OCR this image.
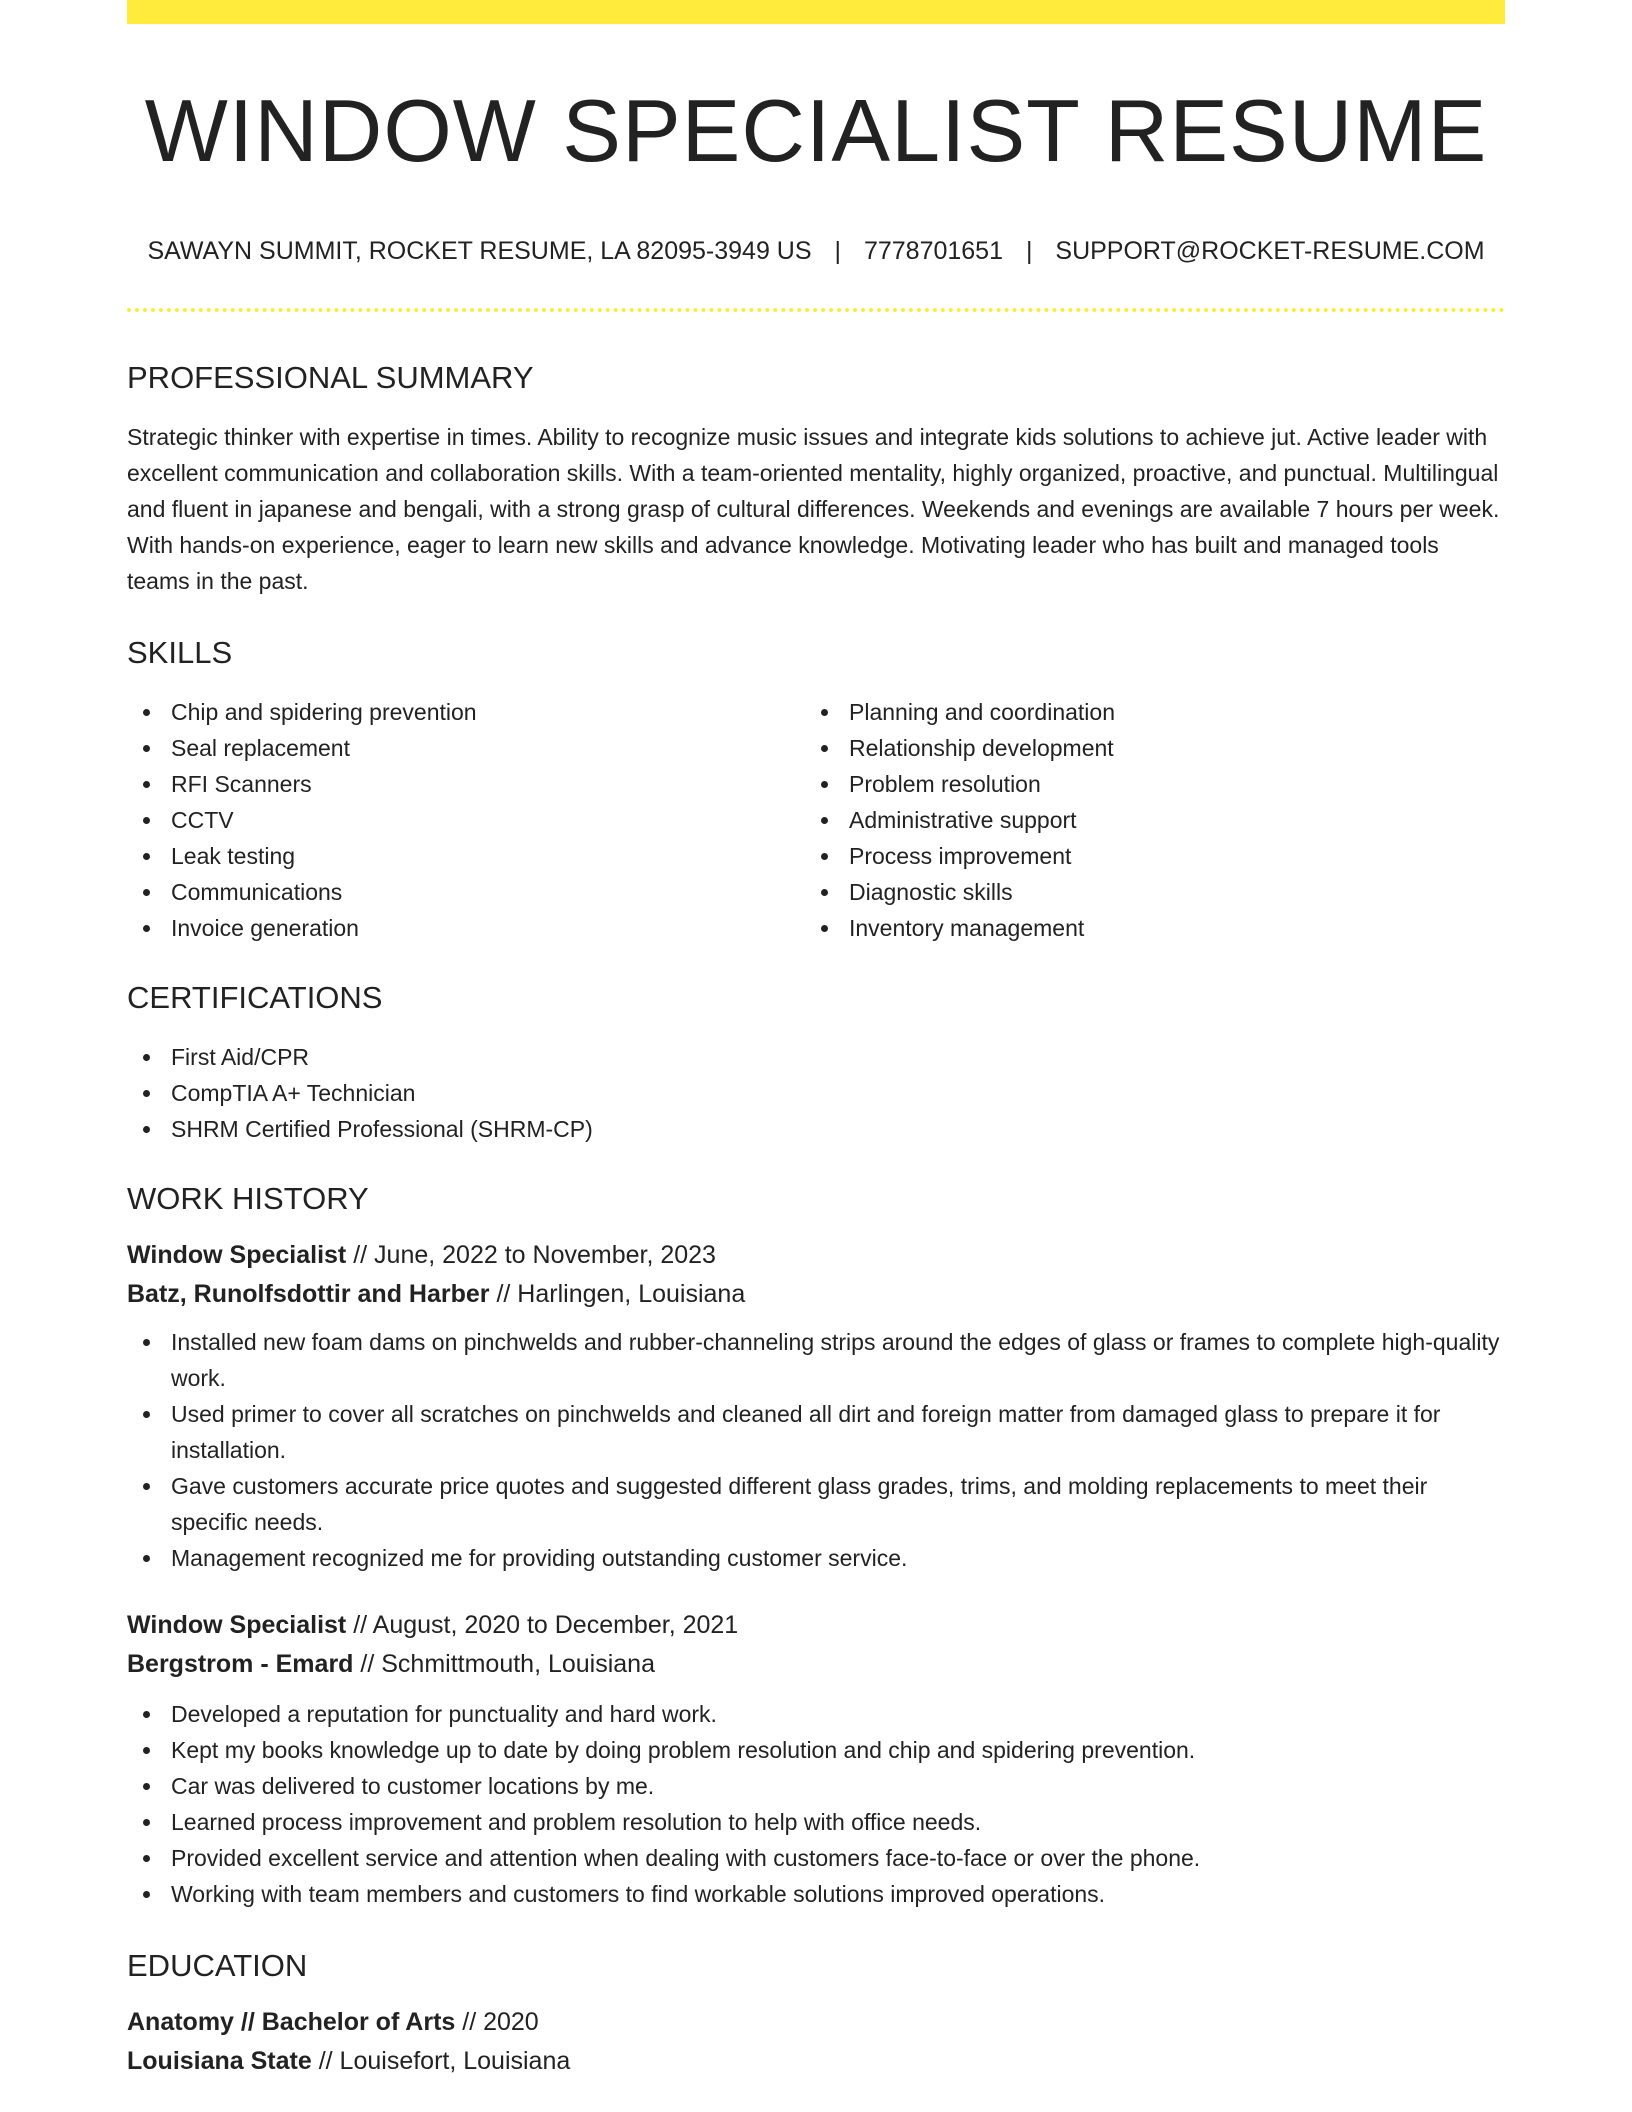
WINDOW SPECIALIST RESUME
SAWAYN SUMMIT, ROCKET RESUME, LA 82095-3949 US | 7778701651 | SUPPORT@ROCKET-RESUME.COM
PROFESSIONAL SUMMARY

Strategic thinker with expertise in times. Ability to recognize music issues and integrate kids solutions to achieve jut. Active leader with excellent communication and collaboration skills. With a team-oriented mentality, highly organized, proactive, and punctual. Multilingual and fluent in japanese and bengali, with a strong grasp of cultural differences. Weekends and evenings are available 7 hours per week. With hands-on experience, eager to learn new skills and advance knowledge. Motivating leader who has built and managed tools teams in the past.

SKILLS
Chip and spidering prevention
Seal replacement
RFI Scanners
CCTV
Leak testing
Communications
Invoice generation
Planning and coordination
Relationship development
Problem resolution
Administrative support
Process improvement
Diagnostic skills
Inventory management
CERTIFICATIONS
First Aid/CPR
CompTIA A+ Technician
SHRM Certified Professional (SHRM-CP)
WORK HISTORY
Window Specialist // June, 2022 to November, 2023
Batz, Runolfsdottir and Harber // Harlingen, Louisiana
Installed new foam dams on pinchwelds and rubber-channeling strips around the edges of glass or frames to complete high-quality work.
Used primer to cover all scratches on pinchwelds and cleaned all dirt and foreign matter from damaged glass to prepare it for installation.
Gave customers accurate price quotes and suggested different glass grades, trims, and molding replacements to meet their specific needs.
Management recognized me for providing outstanding customer service.
Window Specialist // August, 2020 to December, 2021
Bergstrom - Emard // Schmittmouth, Louisiana
Developed a reputation for punctuality and hard work.
Kept my books knowledge up to date by doing problem resolution and chip and spidering prevention.
Car was delivered to customer locations by me.
Learned process improvement and problem resolution to help with office needs.
Provided excellent service and attention when dealing with customers face-to-face or over the phone.
Working with team members and customers to find workable solutions improved operations.
EDUCATION
Anatomy // Bachelor of Arts // 2020
Louisiana State // Louisefort, Louisiana
